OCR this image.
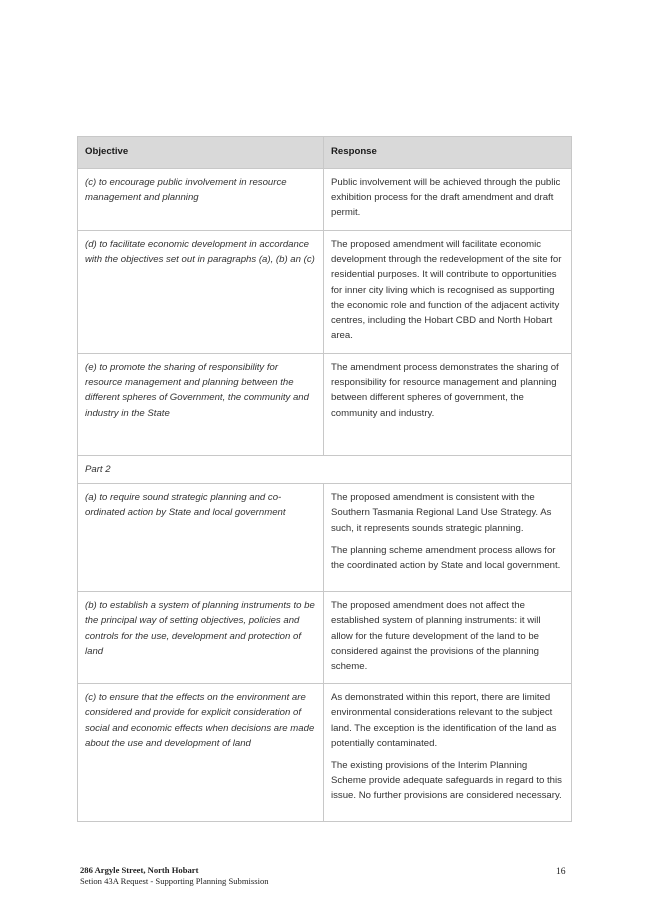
Objective	Response
(c) to encourage public involvement in resource management and planning	Public involvement will be achieved through the public exhibition process for the draft amendment and draft permit.

(d) to facilitate economic development in accordance with the objectives set out in paragraphs (a), (b) an (c)	The proposed amendment will facilitate economic development through the redevelopment of the site for residential purposes. It will contribute to opportunities for inner city living which is recognised as supporting the economic role and function of the adjacent activity centres, including the Hobart CBD and North Hobart area.

(e) to promote the sharing of responsibility for resource management and planning between the different spheres of Government, the community and industry in the State	The amendment process demonstrates the sharing of responsibility for resource management and planning between different spheres of government, the community and industry.

Part 2	
(a) to require sound strategic planning and co-ordinated action by State and local government	The proposed amendment is consistent with the Southern Tasmania Regional Land Use Strategy. As such, it represents sounds strategic planning.

The planning scheme amendment process allows for the coordinated action by State and local government.

(b) to establish a system of planning instruments to be the principal way of setting objectives, policies and controls for the use, development and protection of land	The proposed amendment does not affect the established system of planning instruments: it will allow for the future development of the land to be considered against the provisions of the planning scheme.

(c) to ensure that the effects on the environment are considered and provide for explicit consideration of social and economic effects when decisions are made about the use and development of land	As demonstrated within this report, there are limited environmental considerations relevant to the subject land. The exception is the identification of the land as potentially contaminated.

The existing provisions of the Interim Planning Scheme provide adequate safeguards in regard to this issue. No further provisions are considered necessary.

286 Argyle Street, North Hobart
Setion 43A Request - Supporting Planning Submission
16
